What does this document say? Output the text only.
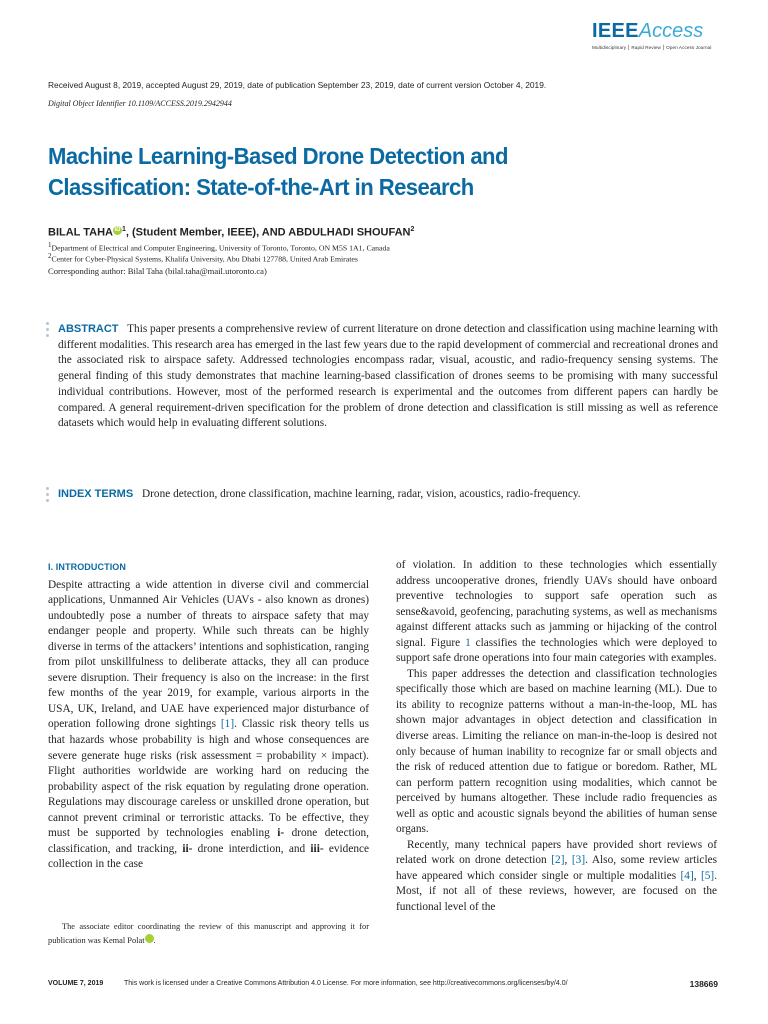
IEEEAccess
Multidisciplinary ⎮ Rapid Review ⎮ Open Access Journal
Received August 8, 2019, accepted August 29, 2019, date of publication September 23, 2019, date of current version October 4, 2019.
Digital Object Identifier 10.1109/ACCESS.2019.2942944
Machine Learning-Based Drone Detection and Classification: State-of-the-Art in Research
BILAL TAHA iD $^1$, (Student Member, IEEE), AND ABDULHADI SHOUFAN$^2$
$^1$Department of Electrical and Computer Engineering, University of Toronto, Toronto, ON M5S 1A1, Canada
$^2$Center for Cyber-Physical Systems, Khalifa University, Abu Dhabi 127788, United Arab Emirates
Corresponding author: Bilal Taha (bilal.taha@mail.utoronto.ca)
ABSTRACT This paper presents a comprehensive review of current literature on drone detection and classification using machine learning with different modalities. This research area has emerged in the last few years due to the rapid development of commercial and recreational drones and the associated risk to airspace safety. Addressed technologies encompass radar, visual, acoustic, and radio-frequency sensing systems. The general finding of this study demonstrates that machine learning-based classification of drones seems to be promising with many successful individual contributions. However, most of the performed research is experimental and the outcomes from different papers can hardly be compared. A general requirement-driven specification for the problem of drone detection and classification is still missing as well as reference datasets which would help in evaluating different solutions.
INDEX TERMS Drone detection, drone classification, machine learning, radar, vision, acoustics, radio-frequency.
I. INTRODUCTION

Despite attracting a wide attention in diverse civil and commercial applications, Unmanned Air Vehicles (UAVs - also known as drones) undoubtedly pose a number of threats to airspace safety that may endanger people and property. While such threats can be highly diverse in terms of the attackers’ intentions and sophistication, ranging from pilot unskillfulness to deliberate attacks, they all can produce severe disruption. Their frequency is also on the increase: in the first few months of the year 2019, for example, various airports in the USA, UK, Ireland, and UAE have experienced major disturbance of operation following drone sightings [1]. Classic risk theory tells us that hazards whose probability is high and whose consequences are severe generate huge risks (risk assessment = probability × impact). Flight authorities worldwide are working hard on reducing the probability aspect of the risk equation by regulating drone operation. Regulations may discourage careless or unskilled drone operation, but cannot prevent criminal or terroristic attacks. To be effective, they must be supported by technologies enabling i- drone detection, classification, and tracking, ii- drone interdiction, and iii- evidence collection in the case

The associate editor coordinating the review of this manuscript and approving it for publication was Kemal Polat iD.

of violation. In addition to these technologies which essentially address uncooperative drones, friendly UAVs should have onboard preventive technologies to support safe operation such as sense&avoid, geofencing, parachuting systems, as well as mechanisms against different attacks such as jamming or hijacking of the control signal. Figure 1 classifies the technologies which were deployed to support safe drone operations into four main categories with examples.

This paper addresses the detection and classification technologies specifically those which are based on machine learning (ML). Due to its ability to recognize patterns without a man-in-the-loop, ML has shown major advantages in object detection and classification in diverse areas. Limiting the reliance on man-in-the-loop is desired not only because of human inability to recognize far or small objects and the risk of reduced attention due to fatigue or boredom. Rather, ML can perform pattern recognition using modalities, which cannot be perceived by humans altogether. These include radio frequencies as well as optic and acoustic signals beyond the abilities of human sense organs.

Recently, many technical papers have provided short reviews of related work on drone detection [2], [3]. Also, some review articles have appeared which consider single or multiple modalities [4], [5]. Most, if not all of these reviews, however, are focused on the functional level of the

VOLUME 7, 2019	This work is licensed under a Creative Commons Attribution 4.0 License. For more information, see http://creativecommons.org/licenses/by/4.0/	138669
